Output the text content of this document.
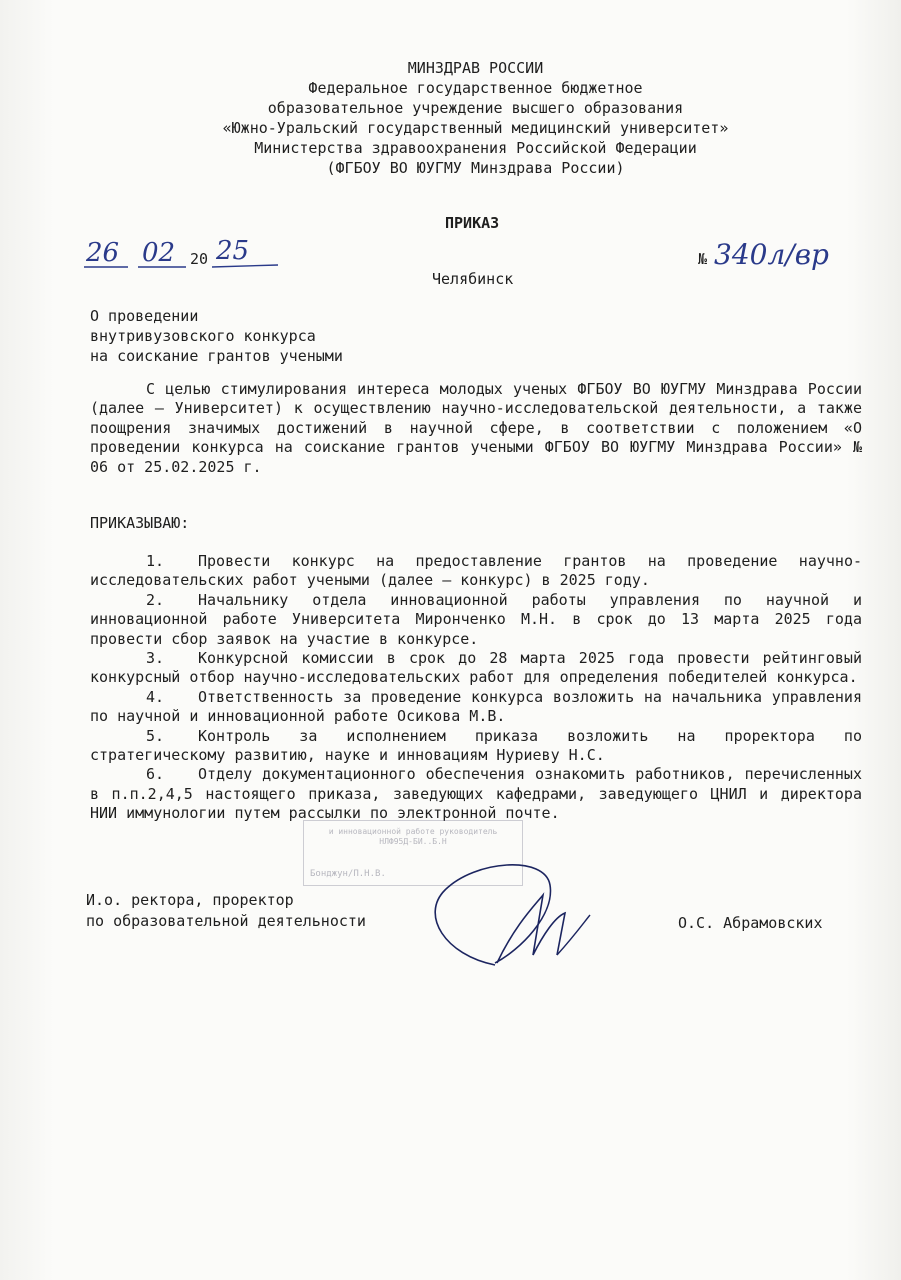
МИНЗДРАВ РОССИИ
Федеральное государственное бюджетное
образовательное учреждение высшего образования
«Южно-Уральский государственный медицинский университет»
Министерства здравоохранения Российской Федерации
(ФГБОУ ВО ЮУГМУ Минздрава России)
ПРИКАЗ
26 02 20 25	№ 340л/вр
Челябинск
О проведении
внутривузовского конкурса
на соискание грантов учеными
С целью стимулирования интереса молодых ученых ФГБОУ ВО ЮУГМУ Минздрава России (далее – Университет) к осуществлению научно-исследовательской деятельности, а также поощрения значимых достижений в научной сфере, в соответствии с положением «О проведении конкурса на соискание грантов учеными ФГБОУ ВО ЮУГМУ Минздрава России» № 06 от 25.02.2025 г.
ПРИКАЗЫВАЮ:

1. Провести конкурс на предоставление грантов на проведение научно-исследовательских работ учеными (далее – конкурс) в 2025 году.

2. Начальнику отдела инновационной работы управления по научной и инновационной работе Университета Миронченко М.Н. в срок до 13 марта 2025 года провести сбор заявок на участие в конкурсе.

3. Конкурсной комиссии в срок до 28 марта 2025 года провести рейтинговый конкурсный отбор научно-исследовательских работ для определения победителей конкурса.

4. Ответственность за проведение конкурса возложить на начальника управления по научной и инновационной работе Осикова М.В.

5. Контроль за исполнением приказа возложить на проректора по стратегическому развитию, науке и инновациям Нуриеву Н.С.

6. Отделу документационного обеспечения ознакомить работников, перечисленных в п.п.2,4,5 настоящего приказа, заведующих кафедрами, заведующего ЦНИЛ и директора НИИ иммунологии путем рассылки по электронной почте.

и инновационной работе руководитель
НЛФ95Д-БИ..Б.Н
Бонджун/П.Н.В.
И.о. ректора, проректор
по образовательной деятельности	О.С. Абрамовских
